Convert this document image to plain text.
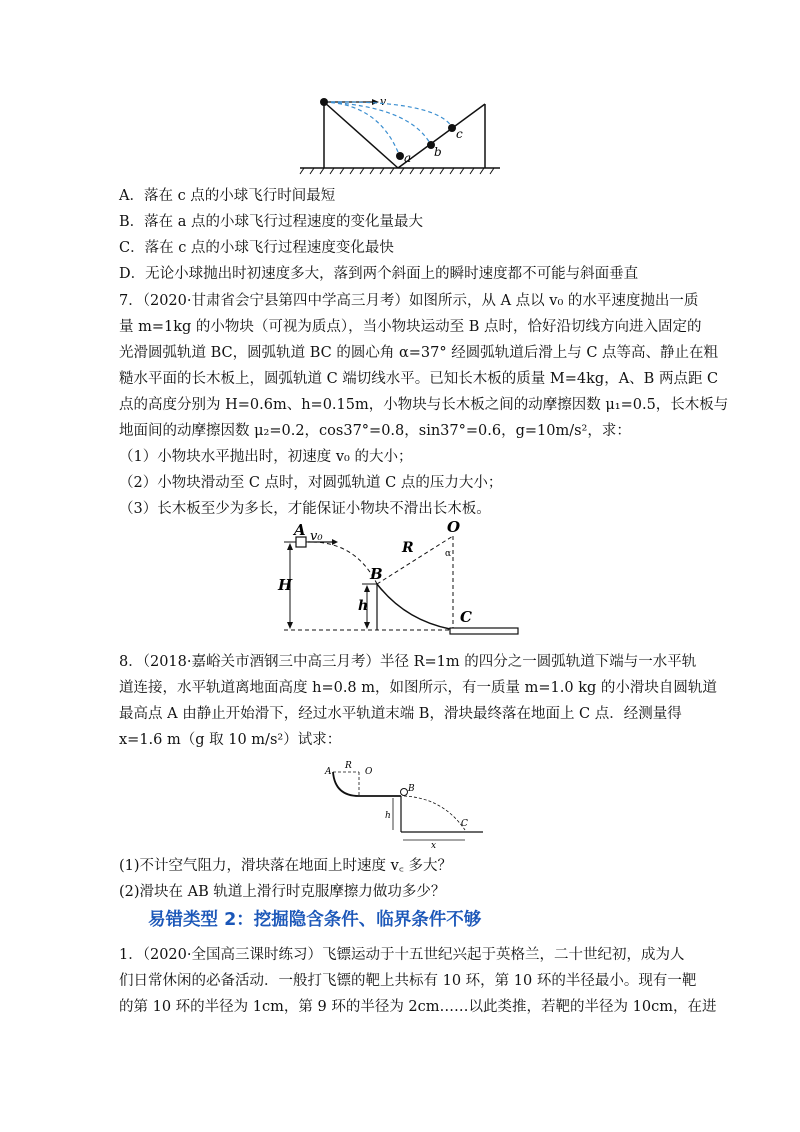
v
a b
c
A．落在 c 点的小球飞行时间最短
B．落在 a 点的小球飞行过程速度的变化量最大
C．落在 c 点的小球飞行过程速度变化最快
D．无论小球抛出时初速度多大，落到两个斜面上的瞬时速度都不可能与斜面垂直
7．（2020·甘肃省会宁县第四中学高三月考）如图所示，从 A 点以 v₀ 的水平速度抛出一质
量 m=1kg 的小物块（可视为质点），当小物块运动至 B 点时，恰好沿切线方向进入固定的
光滑圆弧轨道 BC，圆弧轨道 BC 的圆心角 α=37° 经圆弧轨道后滑上与 C 点等高、静止在粗
糙水平面的长木板上，圆弧轨道 C 端切线水平。已知长木板的质量 M=4kg，A、B 两点距 C
点的高度分别为 H=0.6m、h=0.15m，小物块与长木板之间的动摩擦因数 μ₁=0.5，长木板与
地面间的动摩擦因数 μ₂=0.2，cos37°=0.8，sin37°=0.6，g=10m/s²，求：
（1）小物块水平抛出时，初速度 v₀ 的大小；
（2）小物块滑动至 C 点时，对圆弧轨道 C 点的压力大小；
（3）长木板至少为多长，才能保证小物块不滑出长木板。
A v₀
O
R	α
B
H
h
C
8．（2018·嘉峪关市酒钢三中高三月考）半径 R=1m 的四分之一圆弧轨道下端与一水平轨
道连接，水平轨道离地面高度 h=0.8 m，如图所示，有一质量 m=1.0 kg 的小滑块自圆轨道
最高点 A 由静止开始滑下，经过水平轨道末端 B，滑块最终落在地面上 C 点．经测量得
x=1.6 m（g 取 10 m/s²）试求：
A
R
O
B
C
h
x
(1)不计空气阻力，滑块落在地面上时速度 v꜀ 多大？
(2)滑块在 AB 轨道上滑行时克服摩擦力做功多少？
易错类型 2：挖掘隐含条件、临界条件不够
1．（2020·全国高三课时练习）飞镖运动于十五世纪兴起于英格兰，二十世纪初，成为人
们日常休闲的必备活动．一般打飞镖的靶上共标有 10 环，第 10 环的半径最小。现有一靶
的第 10 环的半径为 1cm，第 9 环的半径为 2cm……以此类推，若靶的半径为 10cm，在进
